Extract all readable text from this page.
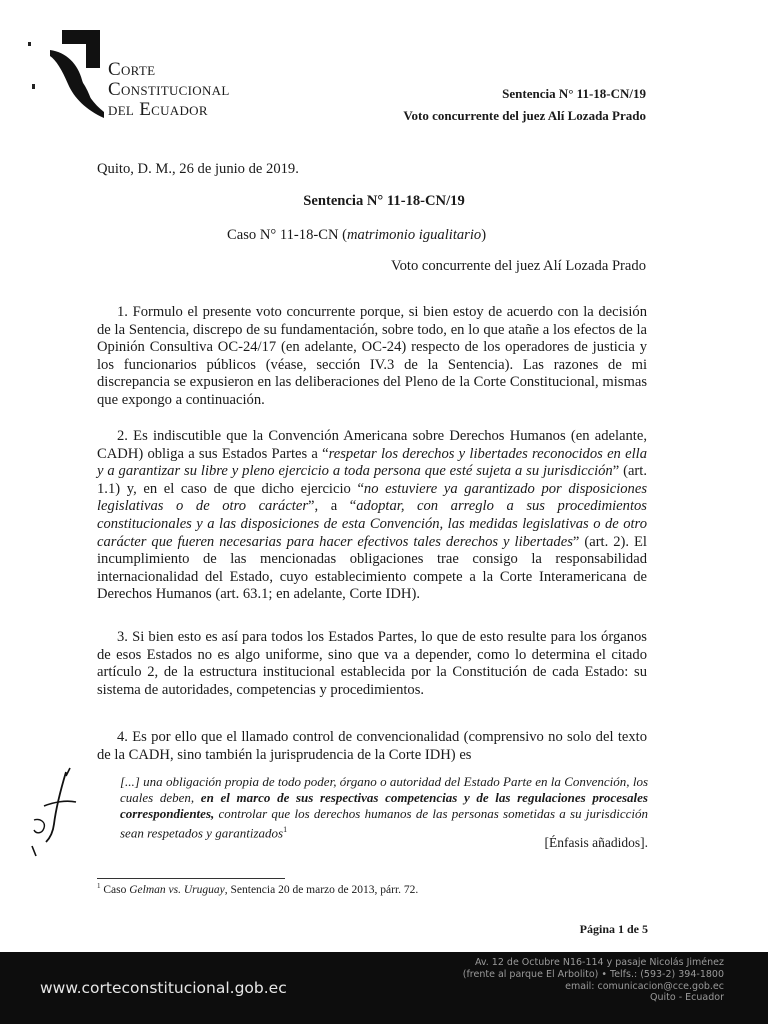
Corte
Constitucional
del Ecuador
Sentencia N° 11-18-CN/19
Voto concurrente del juez Alí Lozada Prado
Quito, D. M., 26 de junio de 2019.
Sentencia N° 11-18-CN/19
Caso N° 11-18-CN (matrimonio igualitario)
Voto concurrente del juez Alí Lozada Prado
1. Formulo el presente voto concurrente porque, si bien estoy de acuerdo con la decisión de la Sentencia, discrepo de su fundamentación, sobre todo, en lo que atañe a los efectos de la Opinión Consultiva OC-24/17 (en adelante, OC-24) respecto de los operadores de justicia y los funcionarios públicos (véase, sección IV.3 de la Sentencia). Las razones de mi discrepancia se expusieron en las deliberaciones del Pleno de la Corte Constitucional, mismas que expongo a continuación.
2. Es indiscutible que la Convención Americana sobre Derechos Humanos (en adelante, CADH) obliga a sus Estados Partes a “respetar los derechos y libertades reconocidos en ella y a garantizar su libre y pleno ejercicio a toda persona que esté sujeta a su jurisdicción” (art. 1.1) y, en el caso de que dicho ejercicio “no estuviere ya garantizado por disposiciones legislativas o de otro carácter”, a “adoptar, con arreglo a sus procedimientos constitucionales y a las disposiciones de esta Convención, las medidas legislativas o de otro carácter que fueren necesarias para hacer efectivos tales derechos y libertades” (art. 2). El incumplimiento de las mencionadas obligaciones trae consigo la responsabilidad internacionalidad del Estado, cuyo establecimiento compete a la Corte Interamericana de Derechos Humanos (art. 63.1; en adelante, Corte IDH).
3. Si bien esto es así para todos los Estados Partes, lo que de esto resulte para los órganos de esos Estados no es algo uniforme, sino que va a depender, como lo determina el citado artículo 2, de la estructura institucional establecida por la Constitución de cada Estado: su sistema de autoridades, competencias y procedimientos.
4. Es por ello que el llamado control de convencionalidad (comprensivo no solo del texto de la CADH, sino también la jurisprudencia de la Corte IDH) es
[...] una obligación propia de todo poder, órgano o autoridad del Estado Parte en la Convención, los cuales deben, en el marco de sus respectivas competencias y de las regulaciones procesales correspondientes, controlar que los derechos humanos de las personas sometidas a su jurisdicción sean respetados y garantizados$^1$
[Énfasis añadidos].
$^1$ Caso Gelman vs. Uruguay, Sentencia 20 de marzo de 2013, párr. 72.
Página 1 de 5
www.corteconstitucional.gob.ec
Av. 12 de Octubre N16-114 y pasaje Nicolás Jiménez
(frente al parque El Arbolito) • Telfs.: (593-2) 394-1800
email: comunicacion@cce.gob.ec
Quito - Ecuador
